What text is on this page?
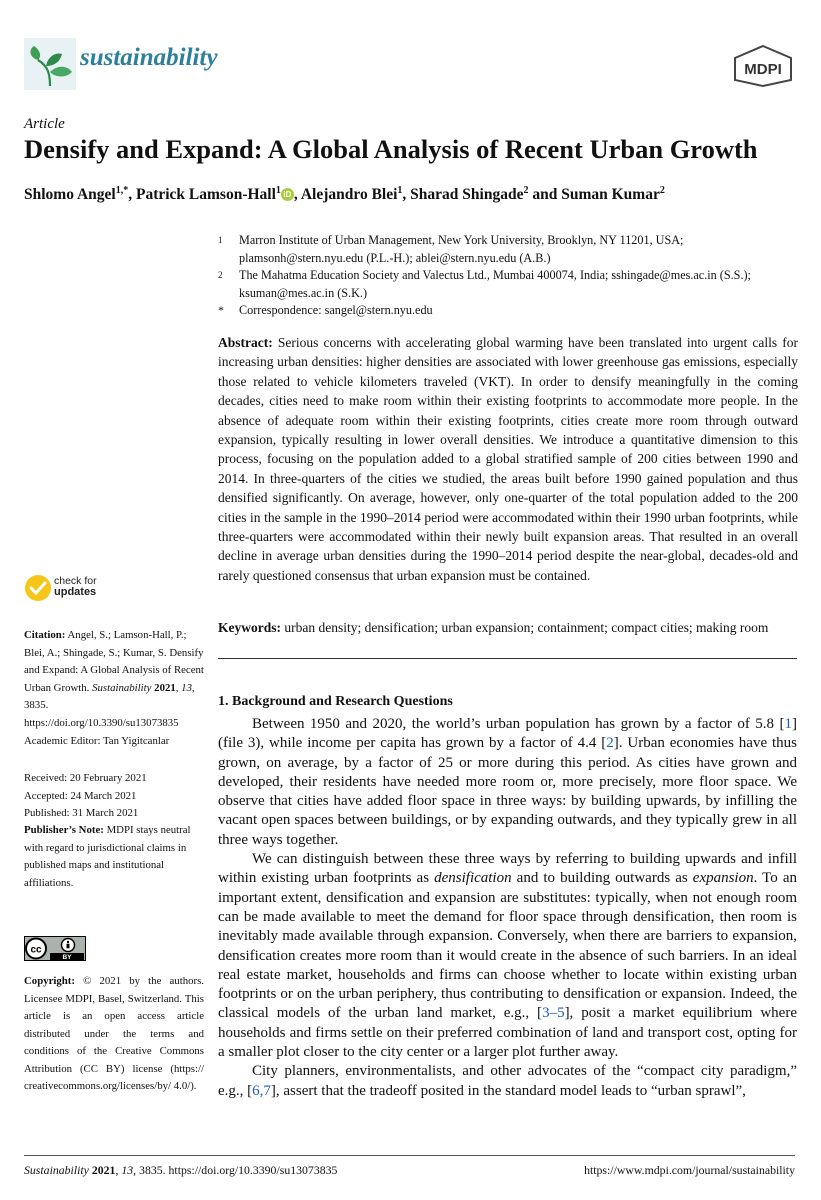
sustainability	MDPI
Article
Densify and Expand: A Global Analysis of Recent Urban Growth
Shlomo Angel$^{1,*}$, Patrick Lamson-Hall$^1$ iD , Alejandro Blei$^1$, Sharad Shingade$^2$ and Suman Kumar$^2$
1	Marron Institute of Urban Management, New York University, Brooklyn, NY 11201, USA; plamsonh@stern.nyu.edu (P.L.-H.); ablei@stern.nyu.edu (A.B.)
2	The Mahatma Education Society and Valectus Ltd., Mumbai 400074, India; sshingade@mes.ac.in (S.S.); ksuman@mes.ac.in (S.K.)
*	Correspondence: sangel@stern.nyu.edu
Abstract: Serious concerns with accelerating global warming have been translated into urgent calls for increasing urban densities: higher densities are associated with lower greenhouse gas emissions, especially those related to vehicle kilometers traveled (VKT). In order to densify meaningfully in the coming decades, cities need to make room within their existing footprints to accommodate more people. In the absence of adequate room within their existing footprints, cities create more room through outward expansion, typically resulting in lower overall densities. We introduce a quantitative dimension to this process, focusing on the population added to a global stratified sample of 200 cities between 1990 and 2014. In three-quarters of the cities we studied, the areas built before 1990 gained population and thus densified significantly. On average, however, only one-quarter of the total population added to the 200 cities in the sample in the 1990–2014 period were accommodated within their 1990 urban footprints, while three-quarters were accommodated within their newly built expansion areas. That resulted in an overall decline in average urban densities during the 1990–2014 period despite the near-global, decades-old and rarely questioned consensus that urban expansion must be contained.
Keywords: urban density; densification; urban expansion; containment; compact cities; making room
1. Background and Research Questions

Between 1950 and 2020, the world’s urban population has grown by a factor of 5.8 [1] (file 3), while income per capita has grown by a factor of 4.4 [2]. Urban economies have thus grown, on average, by a factor of 25 or more during this period. As cities have grown and developed, their residents have needed more room or, more precisely, more floor space. We observe that cities have added floor space in three ways: by building upwards, by infilling the vacant open spaces between buildings, or by expanding outwards, and they typically grew in all three ways together.

We can distinguish between these three ways by referring to building upwards and infill within existing urban footprints as densification and to building outwards as expansion. To an important extent, densification and expansion are substitutes: typically, when not enough room can be made available to meet the demand for floor space through densification, then room is inevitably made available through expansion. Conversely, when there are barriers to expansion, densification creates more room than it would create in the absence of such barriers. In an ideal real estate market, households and firms can choose whether to locate within existing urban footprints or on the urban periphery, thus contributing to densification or expansion. Indeed, the classical models of the urban land market, e.g., [3–5], posit a market equilibrium where households and firms settle on their preferred combination of land and transport cost, opting for a smaller plot closer to the city center or a larger plot further away.

City planners, environmentalists, and other advocates of the “compact city paradigm,” e.g., [6,7], assert that the tradeoff posited in the standard model leads to “urban sprawl”,

check for
updates
Citation: Angel, S.; Lamson-Hall, P.; Blei, A.; Shingade, S.; Kumar, S. Densify and Expand: A Global Analysis of Recent Urban Growth. Sustainability 2021, 13, 3835. https://doi.org/10.3390/su13073835
Academic Editor: Tan Yigitcanlar
Received: 20 February 2021
Accepted: 24 March 2021
Published: 31 March 2021
Publisher’s Note: MDPI stays neutral with regard to jurisdictional claims in published maps and institutional affiliations.
cc
BY
Copyright: © 2021 by the authors. Licensee MDPI, Basel, Switzerland. This article is an open access article distributed under the terms and conditions of the Creative Commons Attribution (CC BY) license (https:// creativecommons.org/licenses/by/ 4.0/).
Sustainability 2021, 13, 3835. https://doi.org/10.3390/su13073835	https://www.mdpi.com/journal/sustainability
